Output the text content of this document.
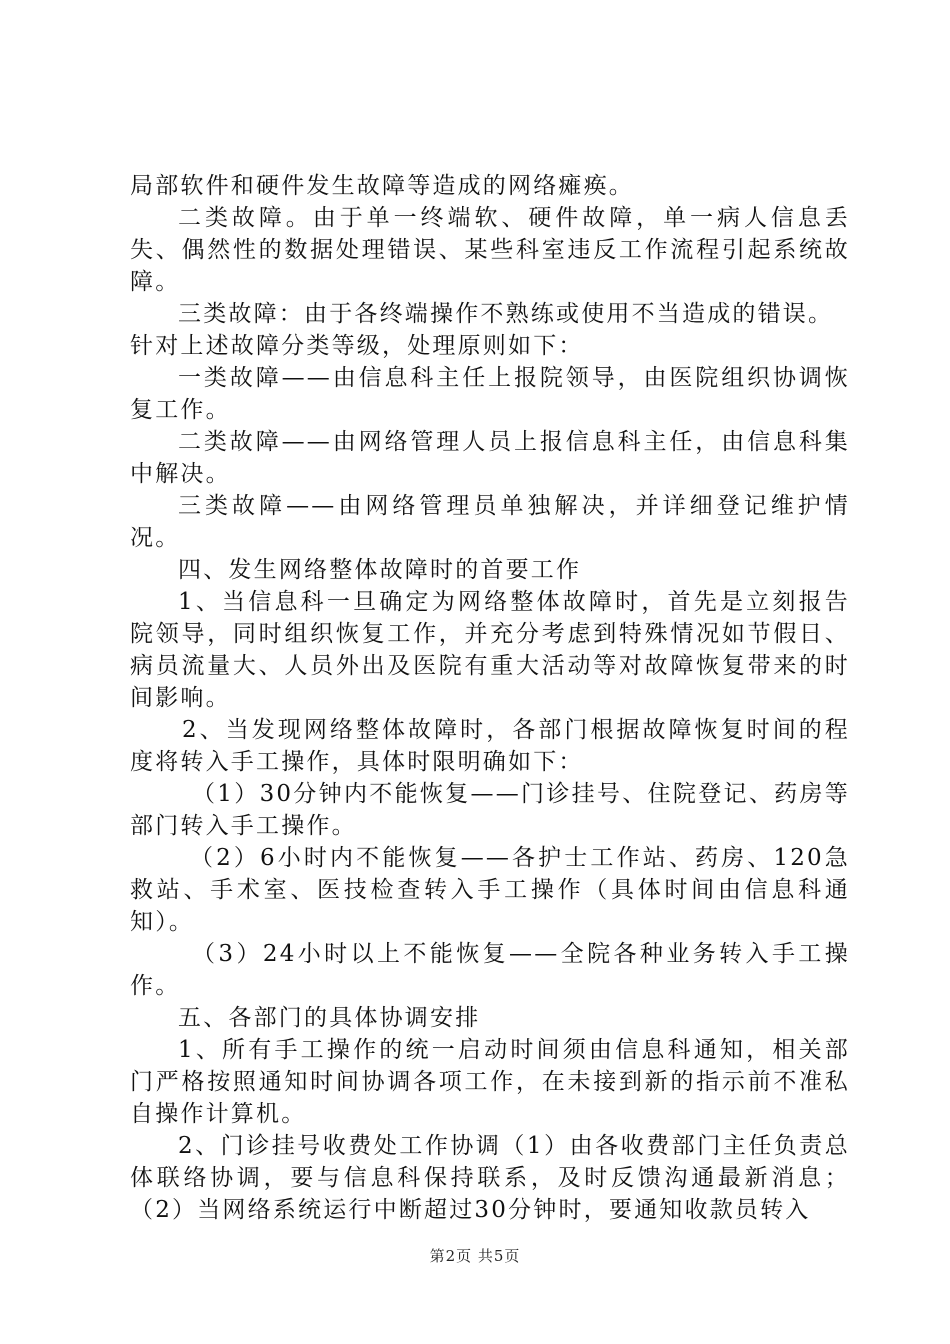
局部软件和硬件发生故障等造成的网络瘫痪。

二类故障。由于单一终端软、硬件故障，单一病人信息丢失、偶然性的数据处理错误、某些科室违反工作流程引起系统故障。

三类故障：由于各终端操作不熟练或使用不当造成的错误。

针对上述故障分类等级，处理原则如下：

一类故障——由信息科主任上报院领导，由医院组织协调恢复工作。

二类故障——由网络管理人员上报信息科主任，由信息科集中解决。

三类故障——由网络管理员单独解决，并详细登记维护情况。

四、发生网络整体故障时的首要工作

1、当信息科一旦确定为网络整体故障时，首先是立刻报告院领导，同时组织恢复工作，并充分考虑到特殊情况如节假日、病员流量大、人员外出及医院有重大活动等对故障恢复带来的时间影响。

2、当发现网络整体故障时，各部门根据故障恢复时间的程度将转入手工操作，具体时限明确如下：

（1）30分钟内不能恢复——门诊挂号、住院登记、药房等部门转入手工操作。

（2）6小时内不能恢复——各护士工作站、药房、120急救站、手术室、医技检查转入手工操作（具体时间由信息科通知）。

（3）24小时以上不能恢复——全院各种业务转入手工操作。

五、各部门的具体协调安排

1、所有手工操作的统一启动时间须由信息科通知，相关部门严格按照通知时间协调各项工作，在未接到新的指示前不准私自操作计算机。

2、门诊挂号收费处工作协调（1）由各收费部门主任负责总体联络协调，要与信息科保持联系，及时反馈沟通最新消息；（2）当网络系统运行中断超过30分钟时，要通知收款员转入

第2页 共5页
